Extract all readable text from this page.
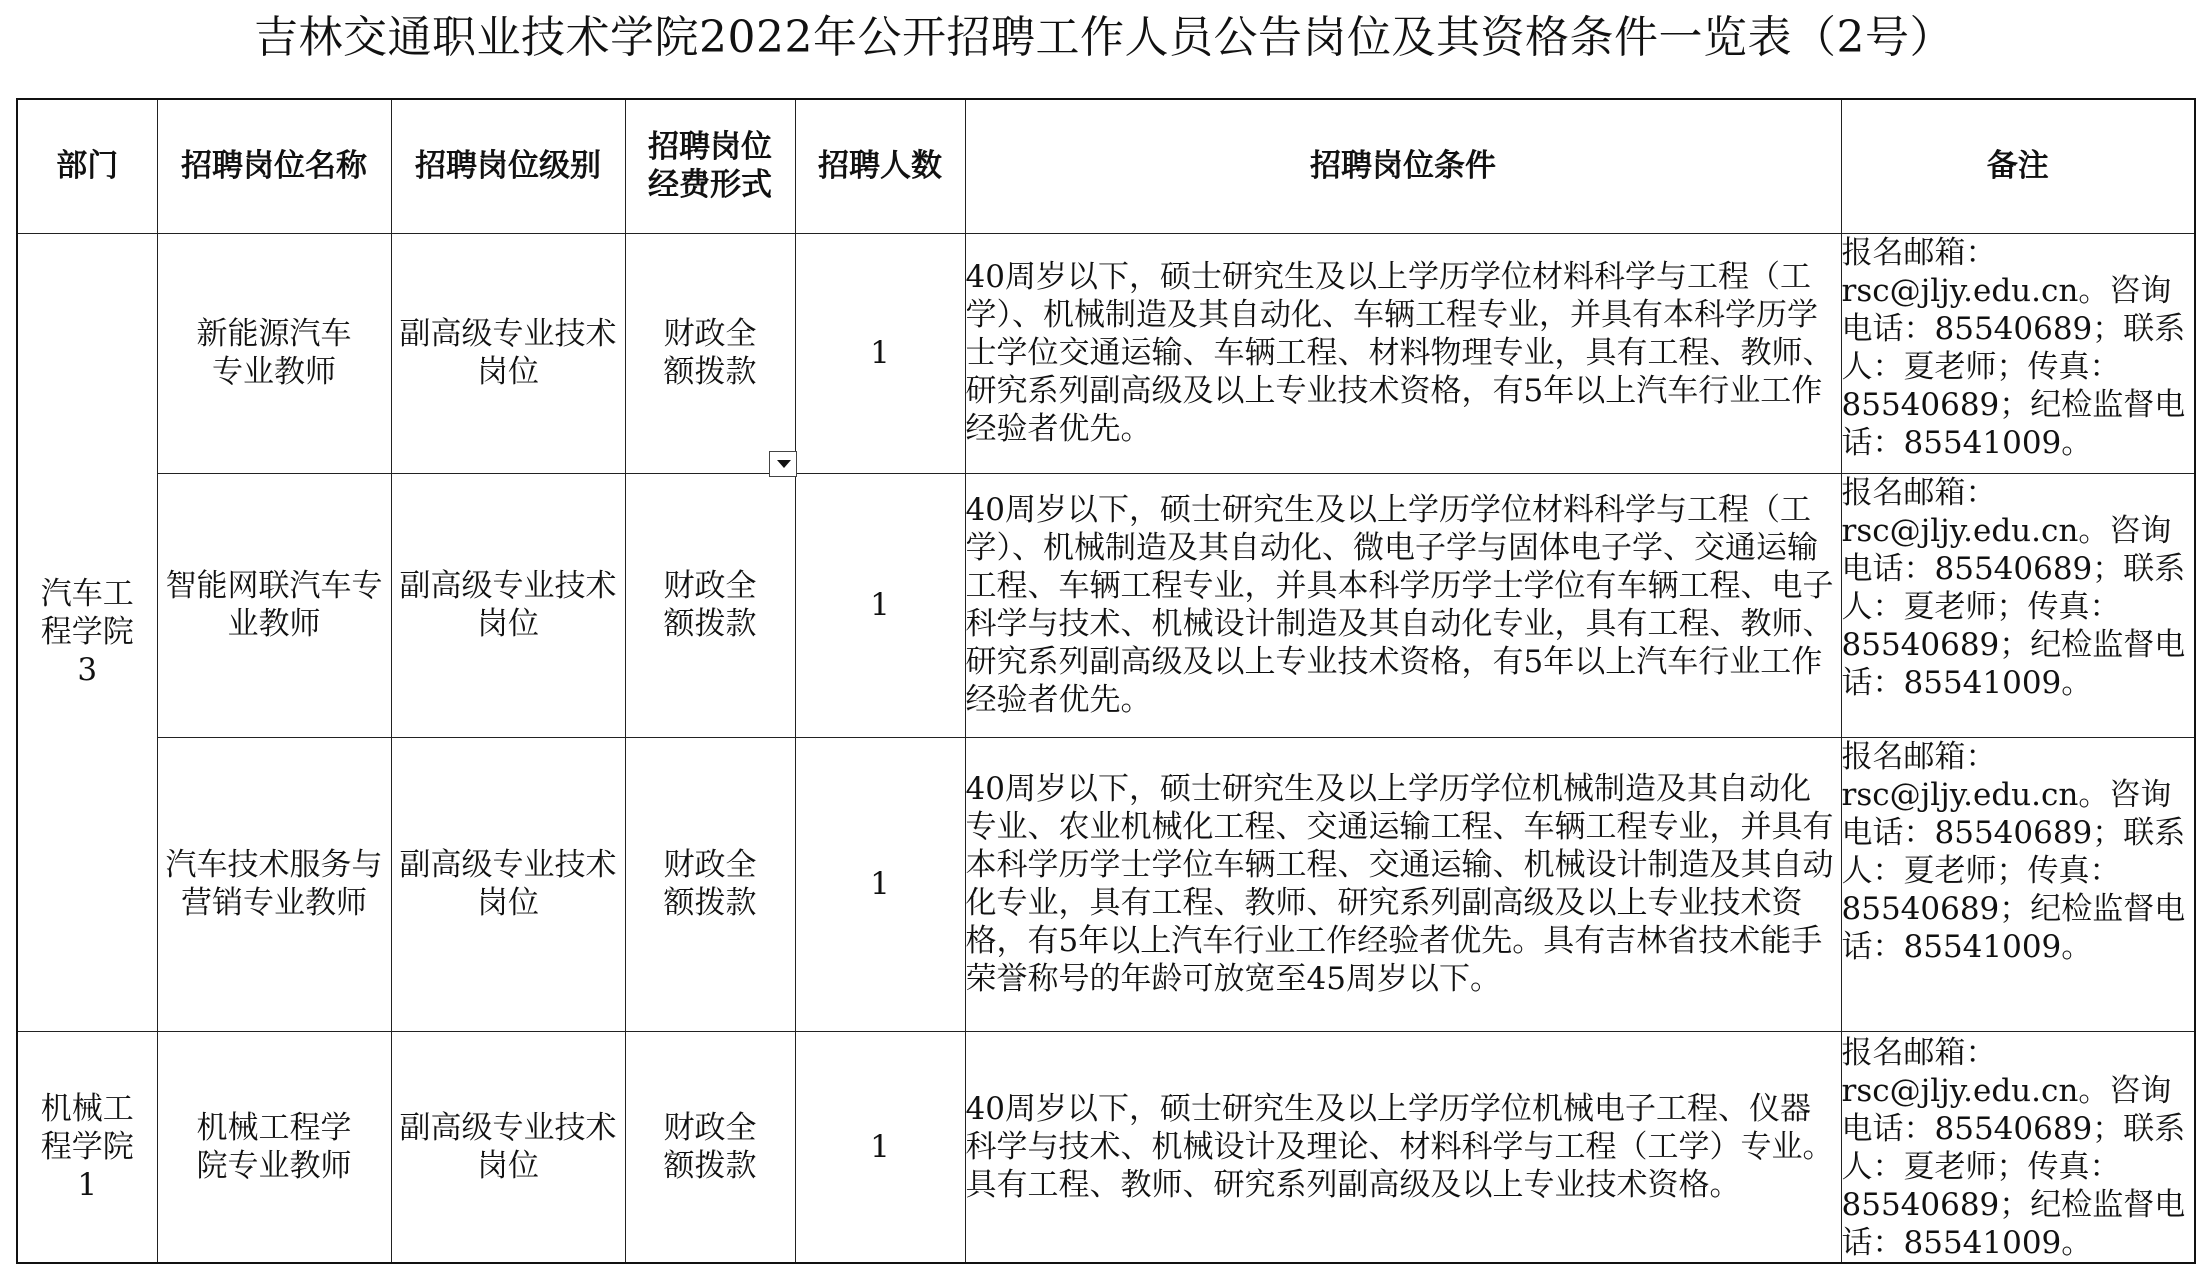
吉林交通职业技术学院2022年公开招聘工作人员公告岗位及其资格条件一览表（2号）
部门	招聘岗位名称	招聘岗位级别	招聘岗位经费形式	招聘人数	招聘岗位条件	备注
汽车工程学院3	新能源汽车专业教师	副高级专业技术岗位	财政全额拨款	1	40周岁以下，硕士研究生及以上学历学位材料科学与工程（工学）、机械制造及其自动化、车辆工程专业，并具有本科学历学士学位交通运输、车辆工程、材料物理专业，具有工程、教师、研究系列副高级及以上专业技术资格，有5年以上汽车行业工作经验者优先。	报名邮箱：rsc@jljy.edu.cn。咨询电话：85540689；联系人：夏老师；传真：85540689；纪检监督电话：85541009。
	智能网联汽车专业教师	副高级专业技术岗位	财政全额拨款	1	40周岁以下，硕士研究生及以上学历学位材料科学与工程（工学）、机械制造及其自动化、微电子学与固体电子学、交通运输工程、车辆工程专业，并具本科学历学士学位有车辆工程、电子科学与技术、机械设计制造及其自动化专业，具有工程、教师、研究系列副高级及以上专业技术资格，有5年以上汽车行业工作经验者优先。	报名邮箱：rsc@jljy.edu.cn。咨询电话：85540689；联系人：夏老师；传真：85540689；纪检监督电话：85541009。
	汽车技术服务与营销专业教师	副高级专业技术岗位	财政全额拨款	1	40周岁以下，硕士研究生及以上学历学位机械制造及其自动化专业、农业机械化工程、交通运输工程、车辆工程专业，并具有本科学历学士学位车辆工程、交通运输、机械设计制造及其自动化专业，具有工程、教师、研究系列副高级及以上专业技术资格，有5年以上汽车行业工作经验者优先。具有吉林省技术能手荣誉称号的年龄可放宽至45周岁以下。	报名邮箱：rsc@jljy.edu.cn。咨询电话：85540689；联系人：夏老师；传真：85540689；纪检监督电话：85541009。
机械工程学院1	机械工程学院专业教师	副高级专业技术岗位	财政全额拨款	1	40周岁以下，硕士研究生及以上学历学位机械电子工程、仪器科学与技术、机械设计及理论、材料科学与工程（工学）专业。具有工程、教师、研究系列副高级及以上专业技术资格。	报名邮箱：rsc@jljy.edu.cn。咨询电话：85540689；联系人：夏老师；传真：85540689；纪检监督电话：85541009。
